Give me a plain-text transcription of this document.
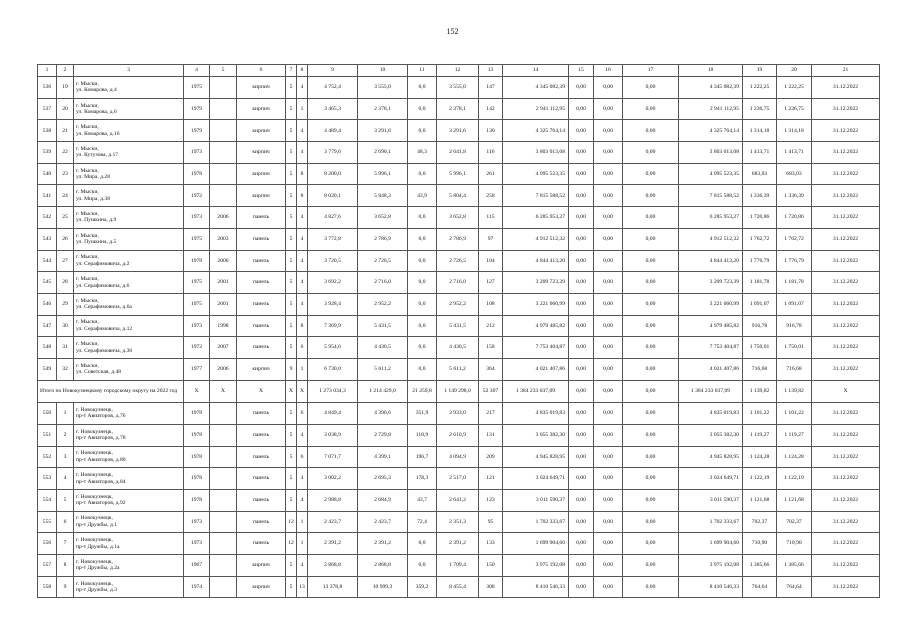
152
1	2	3	4	5	6	7	8	9	10	11	12	13	14	15	16	17	18	19	20	21
536	19	г. Мыски,
ул. Комарова, д.4	1975		кирпич	5	4	4 752,4	3 555,0	0,0	3 555,0	147	4 345 082,39	0,00	0,00	0,00	4 345 082,39	1 222,25	1 222,25	31.12.2022
537	20	г. Мыски,
ул. Комарова, д.6	1979		кирпич	5	1	3 465,3	2 378,1	0,0	2 378,1	142	2 941 112,95	0,00	0,00	0,00	2 941 112,95	1 236,75	1 236,75	31.12.2022
538	21	г. Мыски,
ул. Комарова, д.16	1979		кирпич	5	4	4 489,4	3 291,6	0,0	3 291,6	130	4 325 764,14	0,00	0,00	0,00	4 325 764,14	1 314,18	1 314,18	31.12.2022
539	22	г. Мыски,
ул. Кутузова, д.17	1973		кирпич	5	4	3 779,6	2 690,1	48,3	2 641,8	116	3 803 013,08	0,00	0,00	0,00	3 803 013,08	1 413,71	1 413,71	31.12.2022
540	23	г. Мыски,
ул. Мира, д.28	1978		кирпич	5	8	8 200,0	5 996,1	0,0	5 996,1	261	4 095 523,35	0,00	0,00	0,00	4 095 523,35	683,03	683,03	31.12.2022
541	24	г. Мыски,
ул. Мира, д.38	1972		кирпич	5	8	8 020,1	5 848,3	43,9	5 804,4	258	7 815 588,52	0,00	0,00	0,00	7 815 588,52	1 336,39	1 336,39	31.12.2022
542	25	г. Мыски,
ул. Пушкина, д.9	1973	2006	панель	5	4	4 827,6	3 652,8	0,0	3 652,8	115	6 285 953,27	0,00	0,00	0,00	6 285 953,27	1 720,86	1 720,86	31.12.2022
543	26	г. Мыски,
ул. Пушкина, д.5	1975	2003	панель	5	4	3 772,8	2 786,9	0,0	2 786,9	97	4 912 512,32	0,00	0,00	0,00	4 912 512,32	1 762,72	1 762,72	31.12.2022
544	27	г. Мыски,
ул. Серафимовича, д.2	1978	2006	панель	5	4	3 720,5	2 726,5	0,0	2 726,5	104	4 844 413,20	0,00	0,00	0,00	4 844 413,20	1 776,79	1 776,79	31.12.2022
545	28	г. Мыски,
ул. Серафимовича, д.6	1975	2001	панель	5	4	3 692,2	2 716,0	0,0	2 716,0	127	3 209 723,39	0,00	0,00	0,00	3 209 723,39	1 181,78	1 181,78	31.12.2022
546	29	г. Мыски,
ул. Серафимовича, д.6а	1975	2001	панель	5	4	3 928,4	2 952,2	0,0	2 952,2	108	3 221 060,99	0,00	0,00	0,00	3 221 060,99	1 091,07	1 091,07	31.12.2022
547	30	г. Мыски,
ул. Серафимовича, д.12	1973	1998	панель	5	8	7 369,9	5 431,5	0,0	5 431,5	212	4 979 485,82	0,00	0,00	0,00	4 979 485,82	916,78	916,78	31.12.2022
548	31	г. Мыски,
ул. Серафимовича, д.36	1972	2007	панель	5	6	5 954,6	4 430,5	0,0	4 430,5	158	7 753 404,87	0,00	0,00	0,00	7 753 404,87	1 750,01	1 750,01	31.12.2022
549	32	г. Мыски,
ул. Советская, д.48	1977	2006	кирпич	9	1	6 730,0	5 611,2	0,0	5 611,2	364	4 021 407,86	0,00	0,00	0,00	4 021 407,86	716,68	716,68	31.12.2022
Итого по Новокузнецкому городскому округу на 2022 год			X	X	X	X	X	1 273 034,3	1 214 429,0	21 259,8	1 149 298,0	52 307	1 384 233 037,09	0,00	0,00	0,00	1 384 233 037,09	1 139,82	1 139,82	X
550	1	г. Новокузнецк,
пр-т Авиаторов, д.76	1978		панель	5	6	4 849,4	4 390,6	351,9	3 933,0	217	4 835 019,83	0,00	0,00	0,00	4 835 019,83	1 101,22	1 101,22	31.12.2022
551	2	г. Новокузнецк,
пр-т Авиаторов, д.78	1978		панель	5	4	3 038,9	2 729,8	118,9	2 610,9	131	3 055 382,30	0,00	0,00	0,00	3 055 382,30	1 119,27	1 119,27	31.12.2022
552	3	г. Новокузнецк,
пр-т Авиаторов, д.80	1978		панель	5	6	7 071,7	4 399,1	196,7	4 094,9	209	4 945 828,95	0,00	0,00	0,00	4 945 828,95	1 124,28	1 124,28	31.12.2022
553	4	г. Новокузнецк,
пр-т Авиаторов, д.84	1978		панель	5	4	3 002,2	2 695,3	178,3	2 517,0	121	3 024 649,71	0,00	0,00	0,00	3 024 649,71	1 122,19	1 122,19	31.12.2022
554	5	г. Новокузнецк,
пр-т Авиаторов, д.92	1978		панель	5	4	2 988,8	2 684,9	43,7	2 641,2	123	3 011 590,37	0,00	0,00	0,00	3 011 590,37	1 121,68	1 121,68	31.12.2022
555	6	г. Новокузнецк,
пр-т Дружбы, д.1	1973		панель	12	1	2 423,7	2 423,7	72,4	2 351,3	95	1 702 333,67	0,00	0,00	0,00	1 702 333,67	702,37	702,37	31.12.2022
556	7	г. Новокузнецк,
пр-т Дружбы, д.1а	1973		панель	12	1	2 391,2	2 391,2	0,0	2 391,2	133	1 699 904,60	0,00	0,00	0,00	1 699 904,60	710,90	710,90	31.12.2022
557	8	г. Новокузнецк,
пр-т Дружбы, д.2а	1967		кирпич	5	4	2 868,8	2 868,8	0,0	1 709,4	150	3 975 192,08	0,00	0,00	0,00	3 975 192,08	1 385,66	1 385,66	31.12.2022
558	9	г. Новокузнецк,
пр-т Дружбы, д.3	1974		кирпич	5	13	13 378,8	10 999,3	359,2	8 455,4	308	8 410 546,33	0,00	0,00	0,00	8 410 546,33	764,64	764,64	31.12.2022
